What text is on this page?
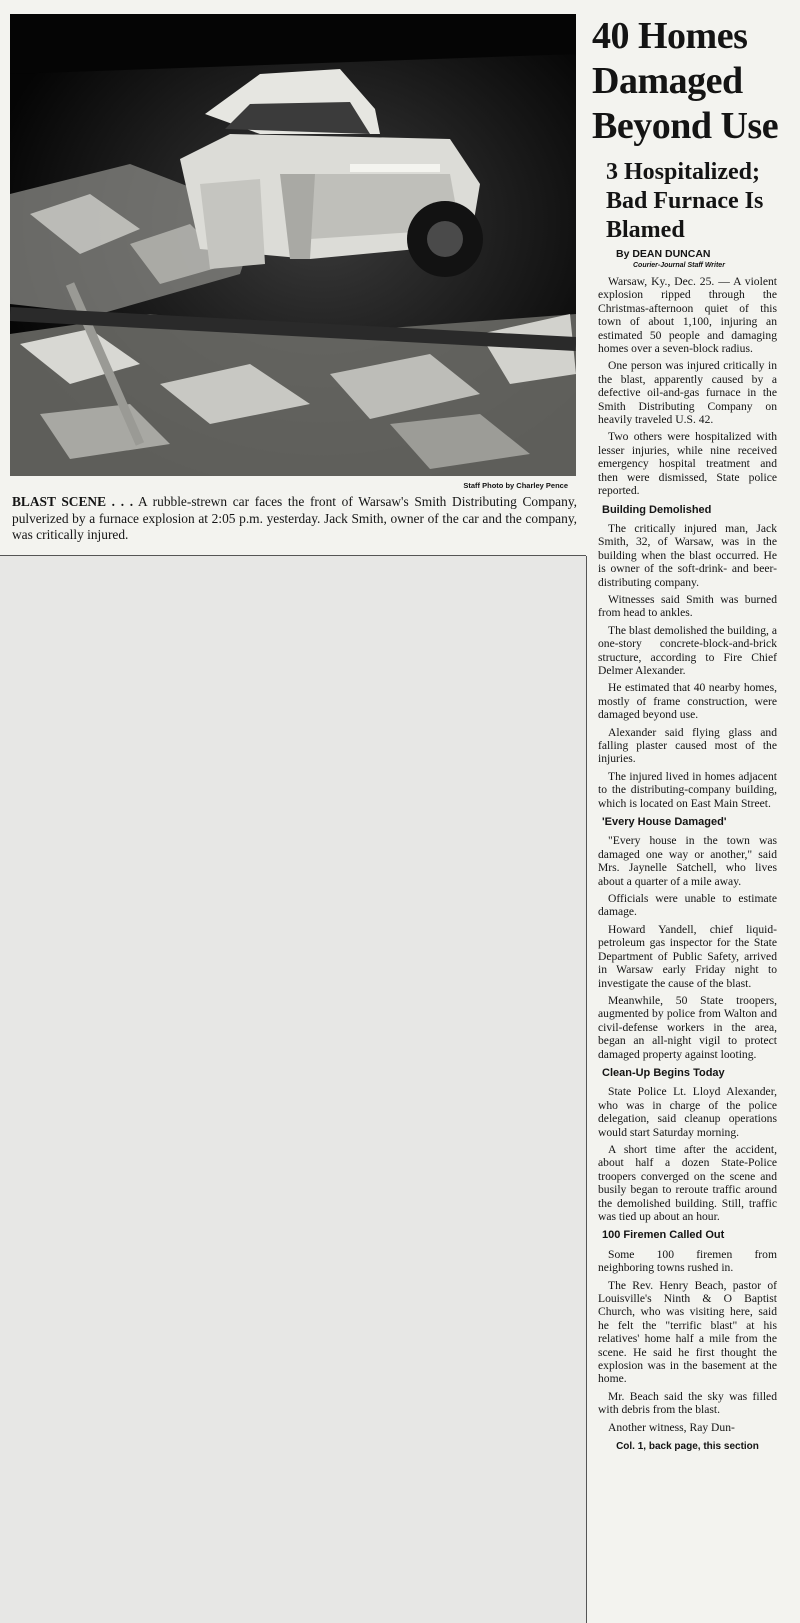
Staff Photo by Charley Pence
BLAST SCENE . . . A rubble-strewn car faces the front of Warsaw's Smith Distributing Company, pulverized by a furnace explosion at 2:05 p.m. yesterday. Jack Smith, owner of the car and the company, was critically injured.
40 Homes Damaged Beyond Use
3 Hospitalized; Bad Furnace Is Blamed
By DEAN DUNCAN
Courier-Journal Staff Writer

Warsaw, Ky., Dec. 25. — A violent explosion ripped through the Christmas-afternoon quiet of this town of about 1,100, injuring an estimated 50 people and damaging homes over a seven-block radius.

One person was injured critically in the blast, apparently caused by a defective oil-and-gas furnace in the Smith Distributing Company on heavily traveled U.S. 42.

Two others were hospitalized with lesser injuries, while nine received emergency hospital treatment and then were dismissed, State police reported.

Building Demolished

The critically injured man, Jack Smith, 32, of Warsaw, was in the building when the blast occurred. He is owner of the soft-drink- and beer-distributing company.

Witnesses said Smith was burned from head to ankles.

The blast demolished the building, a one-story concrete-block-and-brick structure, according to Fire Chief Delmer Alexander.

He estimated that 40 nearby homes, mostly of frame construction, were damaged beyond use.

Alexander said flying glass and falling plaster caused most of the injuries.

The injured lived in homes adjacent to the distributing-company building, which is located on East Main Street.

'Every House Damaged'

"Every house in the town was damaged one way or another," said Mrs. Jaynelle Satchell, who lives about a quarter of a mile away.

Officials were unable to estimate damage.

Howard Yandell, chief liquid-petroleum gas inspector for the State Department of Public Safety, arrived in Warsaw early Friday night to investigate the cause of the blast.

Meanwhile, 50 State troopers, augmented by police from Walton and civil-defense workers in the area, began an all-night vigil to protect damaged property against looting.

Clean-Up Begins Today

State Police Lt. Lloyd Alexander, who was in charge of the police delegation, said cleanup operations would start Saturday morning.

A short time after the accident, about half a dozen State-Police troopers converged on the scene and busily began to reroute traffic around the demolished building. Still, traffic was tied up about an hour.

100 Firemen Called Out

Some 100 firemen from neighboring towns rushed in.

The Rev. Henry Beach, pastor of Louisville's Ninth & O Baptist Church, who was visiting here, said he felt the "terrific blast" at his relatives' home half a mile from the scene. He said he first thought the explosion was in the basement at the home.

Mr. Beach said the sky was filled with debris from the blast.

Another witness, Ray Dun-

Col. 1, back page, this section
